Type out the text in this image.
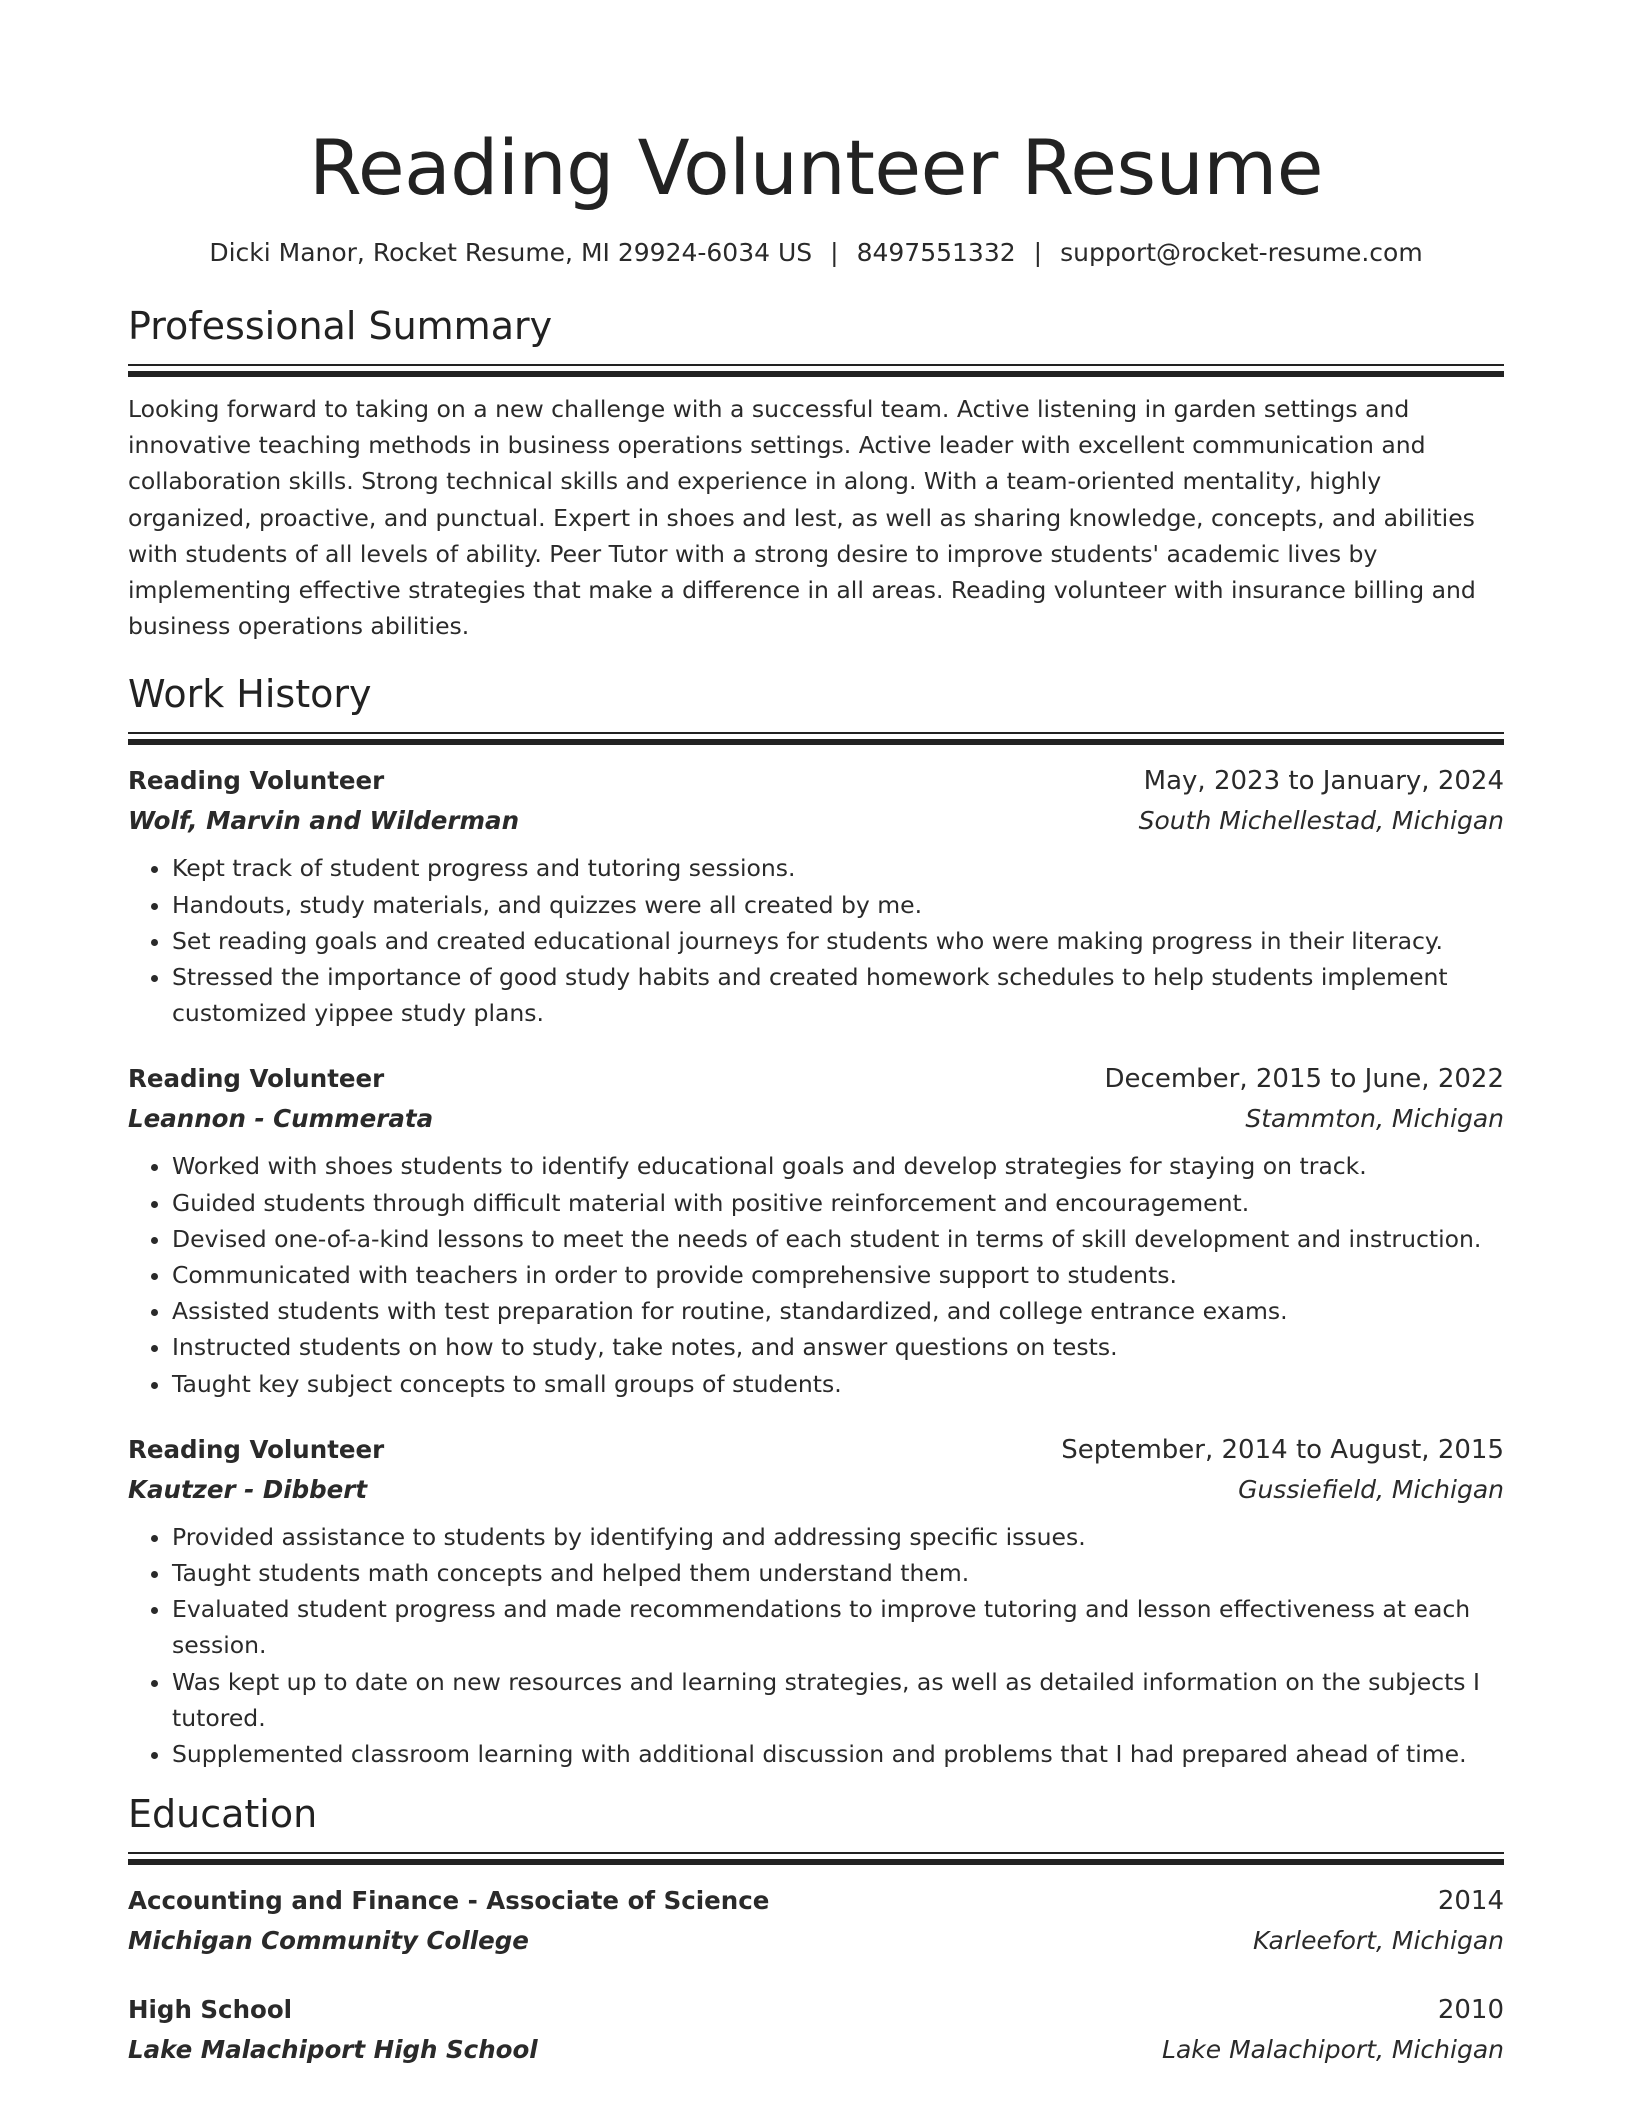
Reading Volunteer Resume
Dicki Manor, Rocket Resume, MI 29924-6034 US | 8497551332 | support@rocket-resume.com
Professional Summary

Looking forward to taking on a new challenge with a successful team. Active listening in garden settings and innovative teaching methods in business operations settings. Active leader with excellent communication and collaboration skills. Strong technical skills and experience in along. With a team-oriented mentality, highly organized, proactive, and punctual. Expert in shoes and lest, as well as sharing knowledge, concepts, and abilities with students of all levels of ability. Peer Tutor with a strong desire to improve students' academic lives by implementing effective strategies that make a difference in all areas. Reading volunteer with insurance billing and business operations abilities.

Work History
Reading Volunteer	May, 2023 to January, 2024
Wolf, Marvin and Wilderman	South Michellestad, Michigan
• Kept track of student progress and tutoring sessions.
• Handouts, study materials, and quizzes were all created by me.
• Set reading goals and created educational journeys for students who were making progress in their literacy.
• Stressed the importance of good study habits and created homework schedules to help students implement customized yippee study plans.
Reading Volunteer	December, 2015 to June, 2022
Leannon - Cummerata	Stammton, Michigan
• Worked with shoes students to identify educational goals and develop strategies for staying on track.
• Guided students through difficult material with positive reinforcement and encouragement.
• Devised one-of-a-kind lessons to meet the needs of each student in terms of skill development and instruction.
• Communicated with teachers in order to provide comprehensive support to students.
• Assisted students with test preparation for routine, standardized, and college entrance exams.
• Instructed students on how to study, take notes, and answer questions on tests.
• Taught key subject concepts to small groups of students.
Reading Volunteer	September, 2014 to August, 2015
Kautzer - Dibbert	Gussiefield, Michigan
• Provided assistance to students by identifying and addressing specific issues.
• Taught students math concepts and helped them understand them.
• Evaluated student progress and made recommendations to improve tutoring and lesson effectiveness at each session.
• Was kept up to date on new resources and learning strategies, as well as detailed information on the subjects I tutored.
• Supplemented classroom learning with additional discussion and problems that I had prepared ahead of time.
Education
Accounting and Finance - Associate of Science	2014
Michigan Community College	Karleefort, Michigan
High School	2010
Lake Malachiport High School	Lake Malachiport, Michigan
